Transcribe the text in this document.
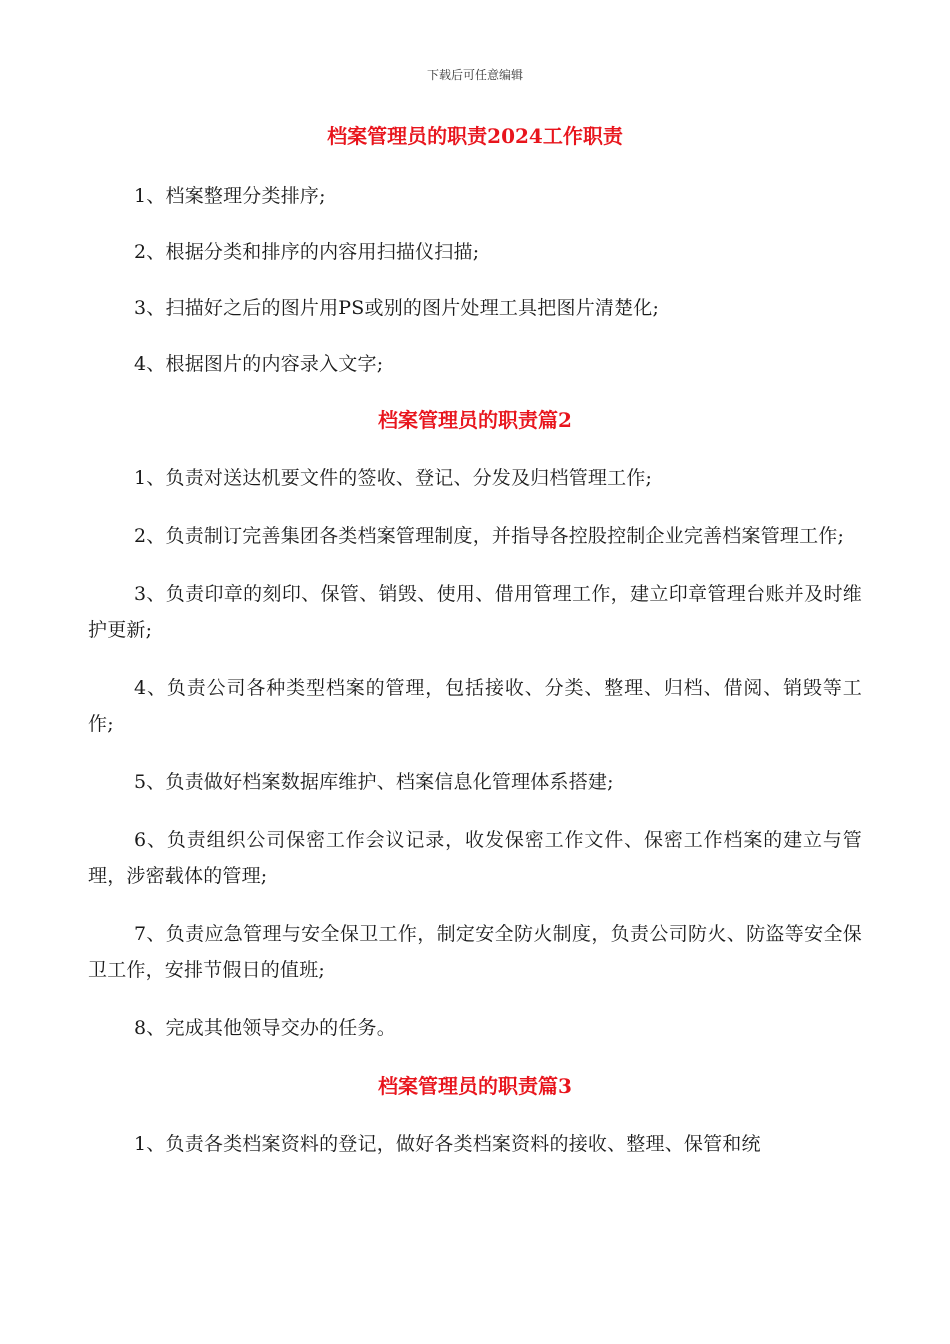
下载后可任意编辑
档案管理员的职责2024工作职责

1、档案整理分类排序;

2、根据分类和排序的内容用扫描仪扫描;

3、扫描好之后的图片用PS或别的图片处理工具把图片清楚化;

4、根据图片的内容录入文字;

档案管理员的职责篇2

1、负责对送达机要文件的签收、登记、分发及归档管理工作;

2、负责制订完善集团各类档案管理制度，并指导各控股控制企业完善档案管理工作;

3、负责印章的刻印、保管、销毁、使用、借用管理工作，建立印章管理台账并及时维护更新;

4、负责公司各种类型档案的管理，包括接收、分类、整理、归档、借阅、销毁等工作;

5、负责做好档案数据库维护、档案信息化管理体系搭建;

6、负责组织公司保密工作会议记录，收发保密工作文件、保密工作档案的建立与管理，涉密载体的管理;

7、负责应急管理与安全保卫工作，制定安全防火制度，负责公司防火、防盗等安全保卫工作，安排节假日的值班;

8、完成其他领导交办的任务。

档案管理员的职责篇3

1、负责各类档案资料的登记，做好各类档案资料的接收、整理、保管和统
